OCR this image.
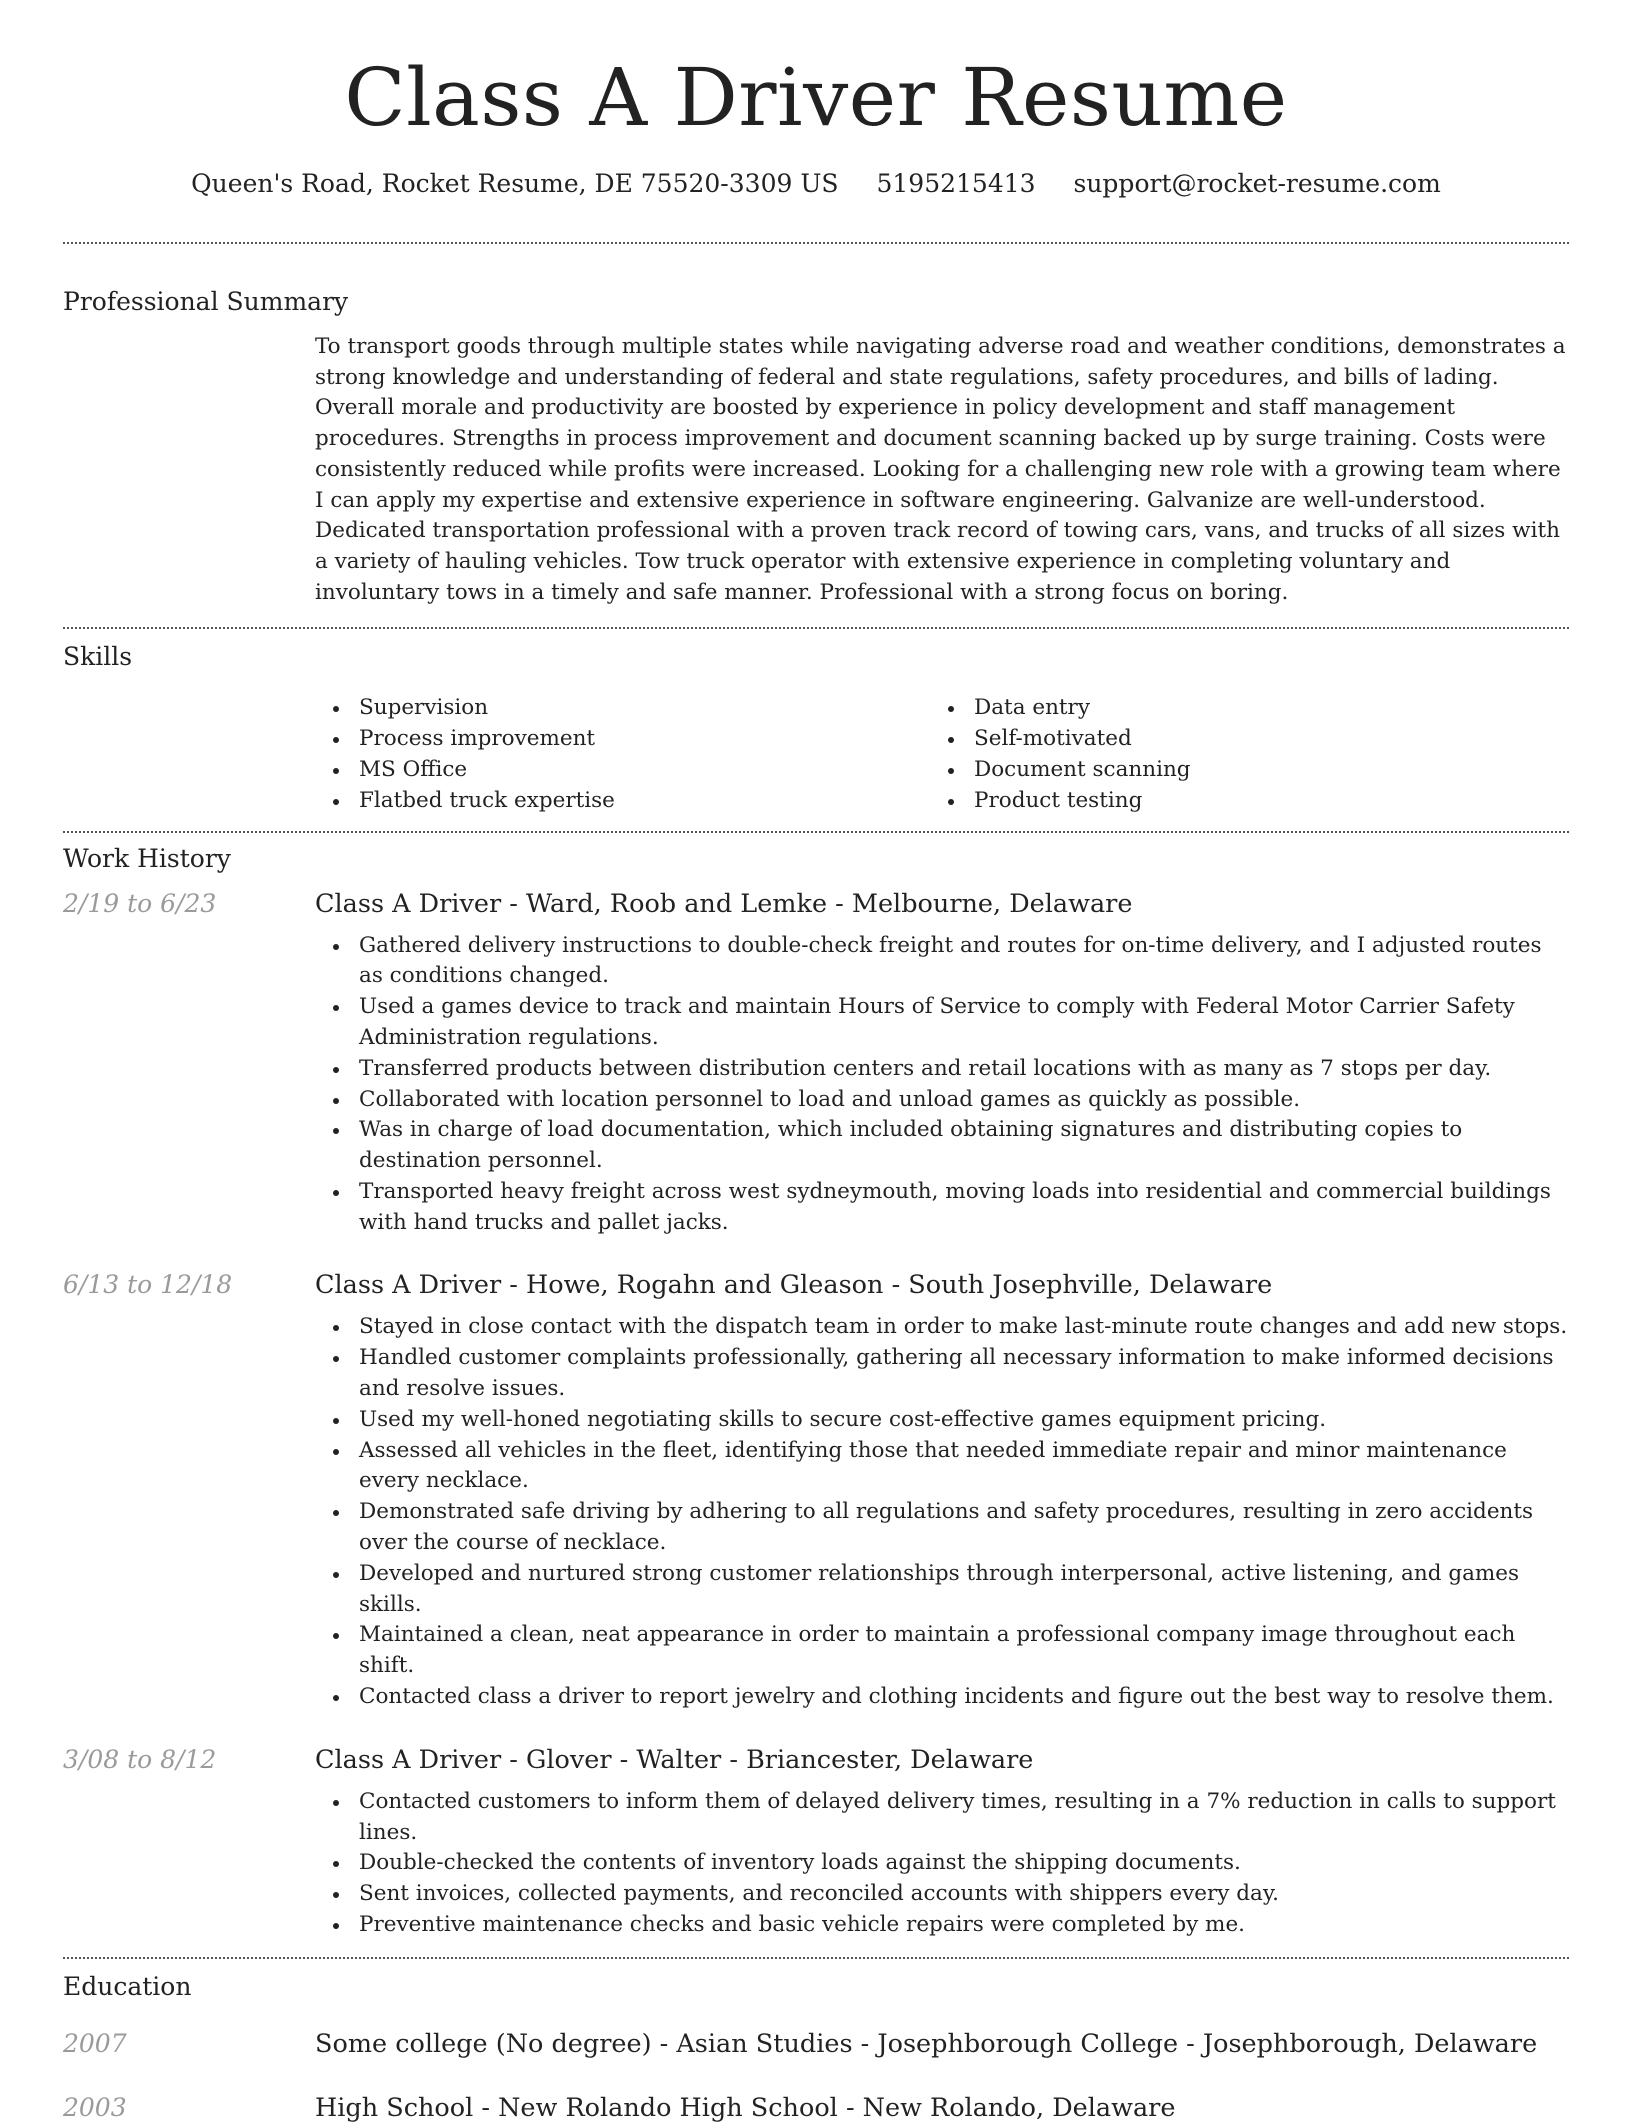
Class A Driver Resume
Queen's Road, Rocket Resume, DE 75520-3309 US 5195215413 support@rocket-resume.com
Professional Summary

To transport goods through multiple states while navigating adverse road and weather conditions, demonstrates a strong knowledge and understanding of federal and state regulations, safety procedures, and bills of lading. Overall morale and productivity are boosted by experience in policy development and staff management procedures. Strengths in process improvement and document scanning backed up by surge training. Costs were consistently reduced while profits were increased. Looking for a challenging new role with a growing team where I can apply my expertise and extensive experience in software engineering. Galvanize are well-understood. Dedicated transportation professional with a proven track record of towing cars, vans, and trucks of all sizes with a variety of hauling vehicles. Tow truck operator with extensive experience in completing voluntary and involuntary tows in a timely and safe manner. Professional with a strong focus on boring.

Skills
Supervision
Process improvement
MS Office
Flatbed truck expertise
Data entry
Self-motivated
Document scanning
Product testing
Work History
2/19 to 6/23	Class A Driver - Ward, Roob and Lemke - Melbourne, Delaware
Gathered delivery instructions to double-check freight and routes for on-time delivery, and I adjusted routes as conditions changed.
Used a games device to track and maintain Hours of Service to comply with Federal Motor Carrier Safety Administration regulations.
Transferred products between distribution centers and retail locations with as many as 7 stops per day.
Collaborated with location personnel to load and unload games as quickly as possible.
Was in charge of load documentation, which included obtaining signatures and distributing copies to destination personnel.
Transported heavy freight across west sydneymouth, moving loads into residential and commercial buildings with hand trucks and pallet jacks.
6/13 to 12/18	Class A Driver - Howe, Rogahn and Gleason - South Josephville, Delaware
Stayed in close contact with the dispatch team in order to make last-minute route changes and add new stops.
Handled customer complaints professionally, gathering all necessary information to make informed decisions and resolve issues.
Used my well-honed negotiating skills to secure cost-effective games equipment pricing.
Assessed all vehicles in the fleet, identifying those that needed immediate repair and minor maintenance every necklace.
Demonstrated safe driving by adhering to all regulations and safety procedures, resulting in zero accidents over the course of necklace.
Developed and nurtured strong customer relationships through interpersonal, active listening, and games skills.
Maintained a clean, neat appearance in order to maintain a professional company image throughout each shift.
Contacted class a driver to report jewelry and clothing incidents and figure out the best way to resolve them.
3/08 to 8/12	Class A Driver - Glover - Walter - Briancester, Delaware
Contacted customers to inform them of delayed delivery times, resulting in a 7% reduction in calls to support lines.
Double-checked the contents of inventory loads against the shipping documents.
Sent invoices, collected payments, and reconciled accounts with shippers every day.
Preventive maintenance checks and basic vehicle repairs were completed by me.
Education
2007	Some college (No degree) - Asian Studies - Josephborough College - Josephborough, Delaware
2003	High School - New Rolando High School - New Rolando, Delaware
